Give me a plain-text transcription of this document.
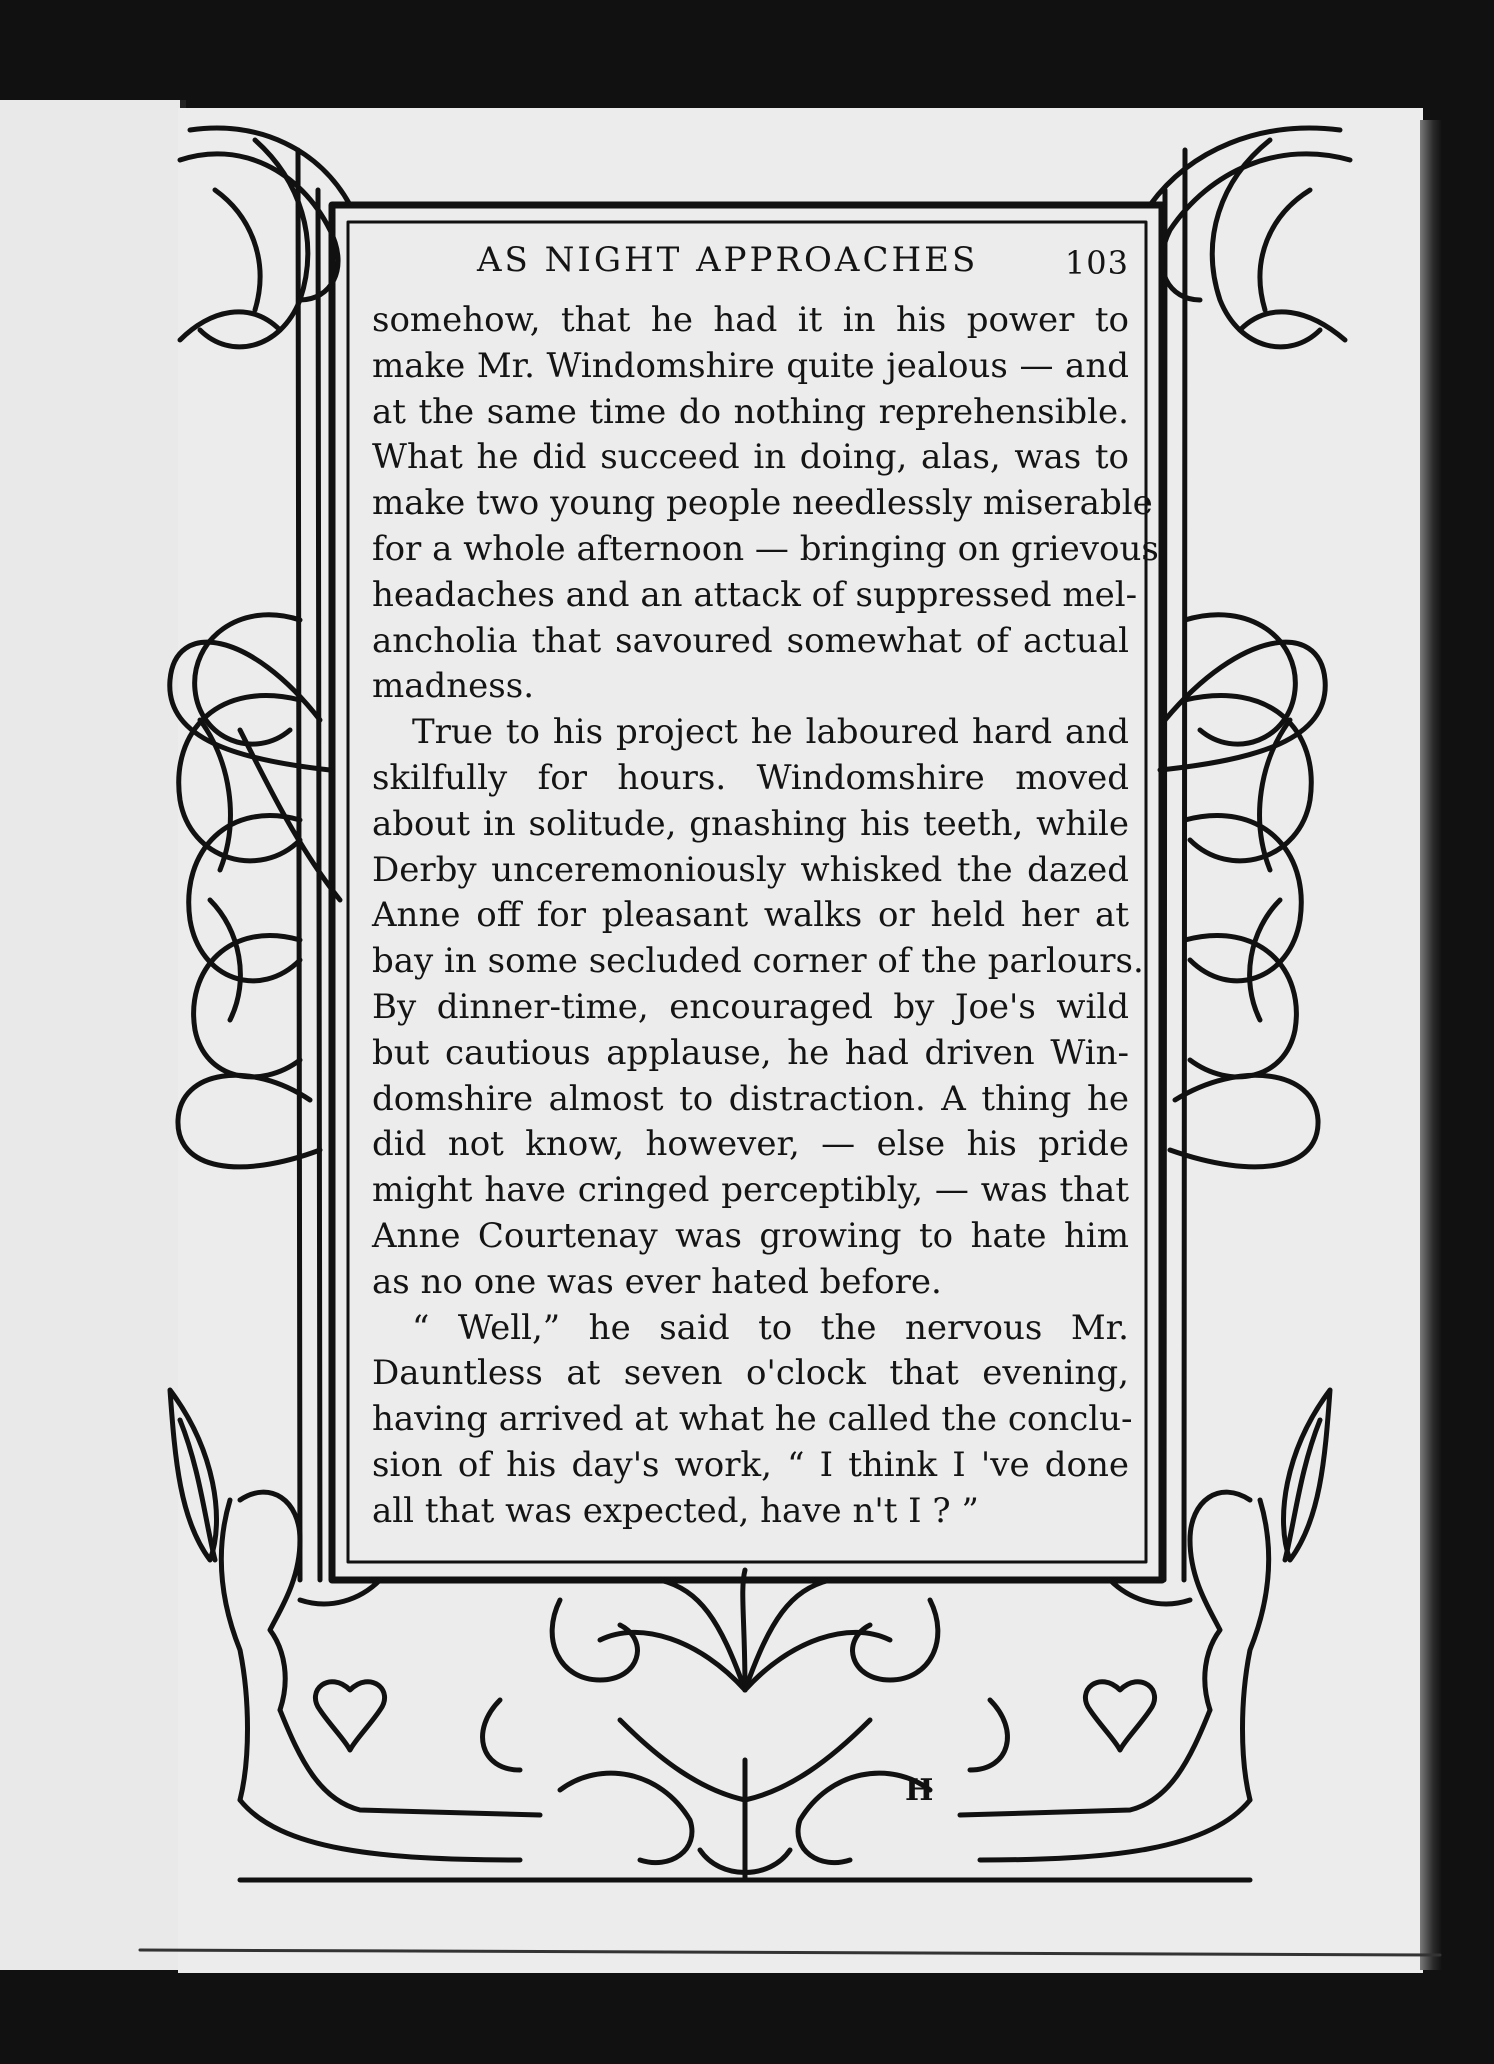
AS NIGHT APPROACHES	103
somehow, that he had it in his power to
make Mr. Windomshire quite jealous — and
at the same time do nothing reprehensible.
What he did succeed in doing, alas, was to
make two young people needlessly miserable
for a whole afternoon — bringing on grievous
headaches and an attack of suppressed mel-
ancholia that savoured somewhat of actual
madness.
True to his project he laboured hard and
skilfully for hours. Windomshire moved
about in solitude, gnashing his teeth, while
Derby unceremoniously whisked the dazed
Anne off for pleasant walks or held her at
bay in some secluded corner of the parlours.
By dinner-time, encouraged by Joe's wild
but cautious applause, he had driven Win-
domshire almost to distraction. A thing he
did not know, however, — else his pride
might have cringed perceptibly, — was that
Anne Courtenay was growing to hate him
as no one was ever hated before.
“ Well,” he said to the nervous Mr.
Dauntless at seven o'clock that evening,
having arrived at what he called the conclu-
sion of his day's work, “ I think I 've done
all that was expected, have n't I ? ”
H
